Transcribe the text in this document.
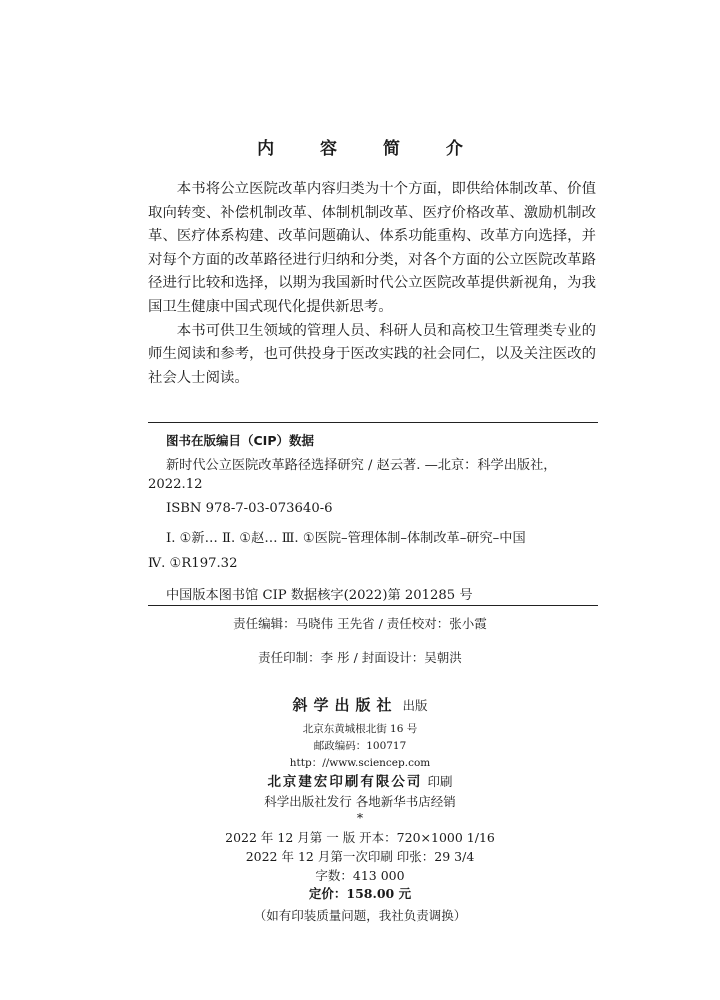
内 容 简 介

本书将公立医院改革内容归类为十个方面，即供给体制改革、价值取向转变、补偿机制改革、体制机制改革、医疗价格改革、激励机制改革、医疗体系构建、改革问题确认、体系功能重构、改革方向选择，并对每个方面的改革路径进行归纳和分类，对各个方面的公立医院改革路径进行比较和选择，以期为我国新时代公立医院改革提供新视角，为我国卫生健康中国式现代化提供新思考。

本书可供卫生领域的管理人员、科研人员和高校卫生管理类专业的师生阅读和参考，也可供投身于医改实践的社会同仁，以及关注医改的社会人士阅读。

图书在版编目（CIP）数据
新时代公立医院改革路径选择研究 / 赵云著. —北京：科学出版社，
2022.12
ISBN 978-7-03-073640-6
Ⅰ. ①新… Ⅱ. ①赵… Ⅲ. ①医院–管理体制–体制改革–研究–中国
Ⅳ. ①R197.32
中国版本图书馆 CIP 数据核字(2022)第 201285 号
责任编辑：马晓伟 王先省 / 责任校对：张小霞
责任印制：李 彤 / 封面设计：吴朝洪
斜学出版社 出版
北京东黄城根北街 16 号
邮政编码：100717
http：//www.sciencep.com
北京建宏印刷有限公司 印刷
科学出版社发行 各地新华书店经销
*
2022 年 12 月第 一 版 开本：720×1000 1/16
2022 年 12 月第一次印刷 印张：29 3/4
字数：413 000
定价：158.00 元
（如有印装质量问题，我社负责调换）
